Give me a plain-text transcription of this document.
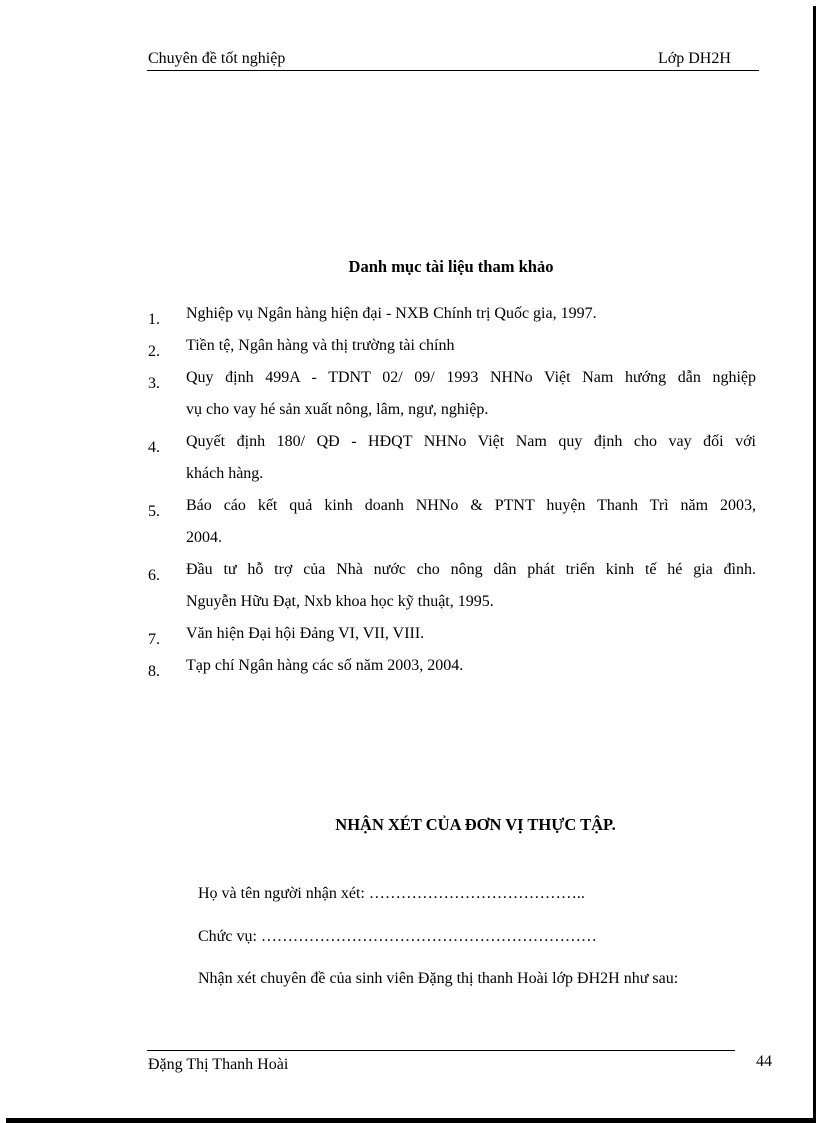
Chuyên đề tốt nghiệp	Lớp DH2H
Danh mục tài liệu tham khảo
1. Nghiệp vụ Ngân hàng hiện đại - NXB Chính trị Quốc gia, 1997.
2. Tiền tệ, Ngân hàng và thị trường tài chính
3. Quy định 499A - TDNT 02/ 09/ 1993 NHNo Việt Nam hướng dẫn nghiệp
vụ cho vay hé sản xuất nông, lâm, ngư, nghiệp.
4. Quyết định 180/ QĐ - HĐQT NHNo Việt Nam quy định cho vay đối với
khách hàng.
5. Báo cáo kết quả kinh doanh NHNo & PTNT huyện Thanh Trì năm 2003,
2004.
6. Đầu tư hỗ trợ của Nhà nước cho nông dân phát triển kinh tế hé gia đình.
Nguyễn Hữu Đạt, Nxb khoa học kỹ thuật, 1995.
7. Văn hiện Đại hội Đảng VI, VII, VIII.
8. Tạp chí Ngân hàng các số năm 2003, 2004.
NHẬN XÉT CỦA ĐƠN VỊ THỰC TẬP.
Họ và tên người nhận xét: …………………………………..
Chức vụ: ………………………………………………………
Nhận xét chuyên đề của sinh viên Đặng thị thanh Hoài lớp ĐH2H như sau:
Đặng Thị Thanh Hoài	44
